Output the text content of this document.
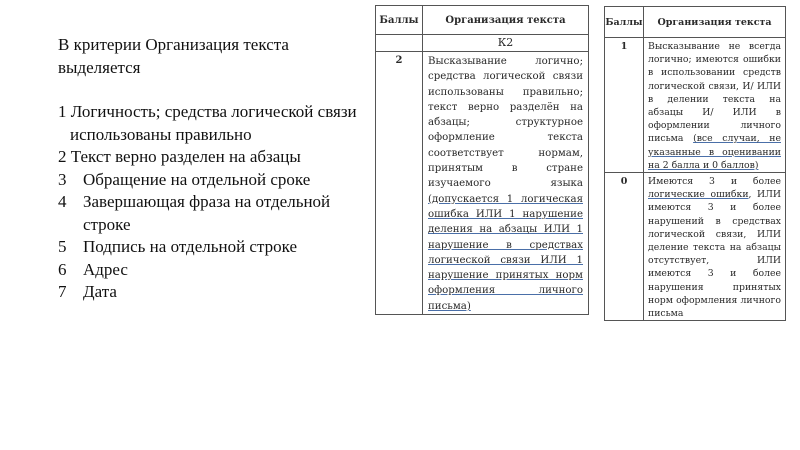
В критерии Организация текста выделяется
1 Логичность; средства логической связи использованы правильно
2 Текст верно разделен на абзацы
3 Обращение на отдельной сроке
4 Завершающая фраза на отдельной строке
5 Подпись на отдельной строке
6 Адрес
7 Дата
Баллы	Организация текста
	К2
2	Высказывание логично; средства логической связи использованы правильно; текст верно разделён на абзацы; структурное оформление текста соответствует нормам, принятым в стране изучаемого языка (допускается 1 логическая ошибка ИЛИ 1 нарушение деления на абзацы ИЛИ 1 нарушение в средствах логической связи ИЛИ 1 нарушение принятых норм оформления личного письма)
Баллы	Организация текста
1	Высказывание не всегда логично; имеются ошибки в использовании средств логической связи, И/ ИЛИ в делении текста на абзацы И/ ИЛИ в оформлении личного письма (все случаи, не указанные в оценивании на 2 балла и 0 баллов)
0	Имеются 3 и более логические ошибки, ИЛИ имеются 3 и более нарушений в средствах логической связи, ИЛИ деление текста на абзацы отсутствует, ИЛИ имеются 3 и более нарушения принятых норм оформления личного письма
